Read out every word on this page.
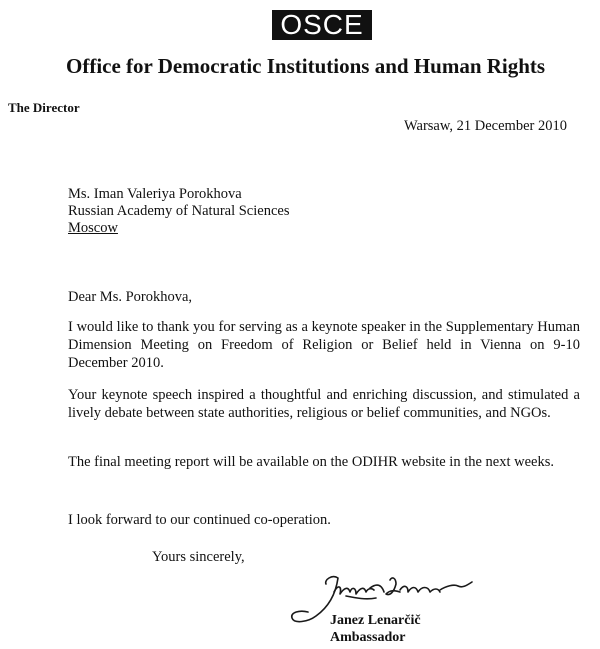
OSCE
Office for Democratic Institutions and Human Rights
The Director
Warsaw, 21 December 2010
Ms. Iman Valeriya Porokhova
Russian Academy of Natural Sciences
Moscow
Dear Ms. Porokhova,
I would like to thank you for serving as a keynote speaker in the Supplementary Human Dimension Meeting on Freedom of Religion or Belief held in Vienna on 9-10 December 2010.
Your keynote speech inspired a thoughtful and enriching discussion, and stimulated a lively debate between state authorities, religious or belief communities, and NGOs.
The final meeting report will be available on the ODIHR website in the next weeks.
I look forward to our continued co-operation.
Yours sincerely,
Janez Lenarčič
Ambassador
